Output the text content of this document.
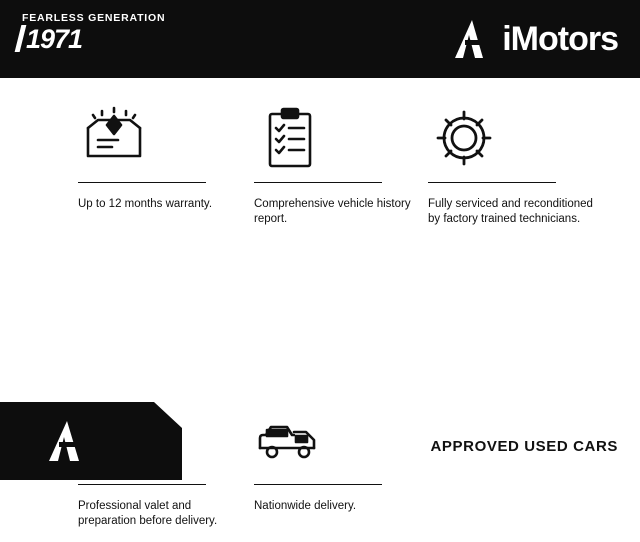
FEARLESS GENERATION
1971	iMotors
Up to 12 months warranty.	Comprehensive vehicle history report.
Fully serviced and reconditioned by factory trained technicians.
Professional valet and preparation before delivery.
Nationwide delivery.
APPROVED USED CARS
